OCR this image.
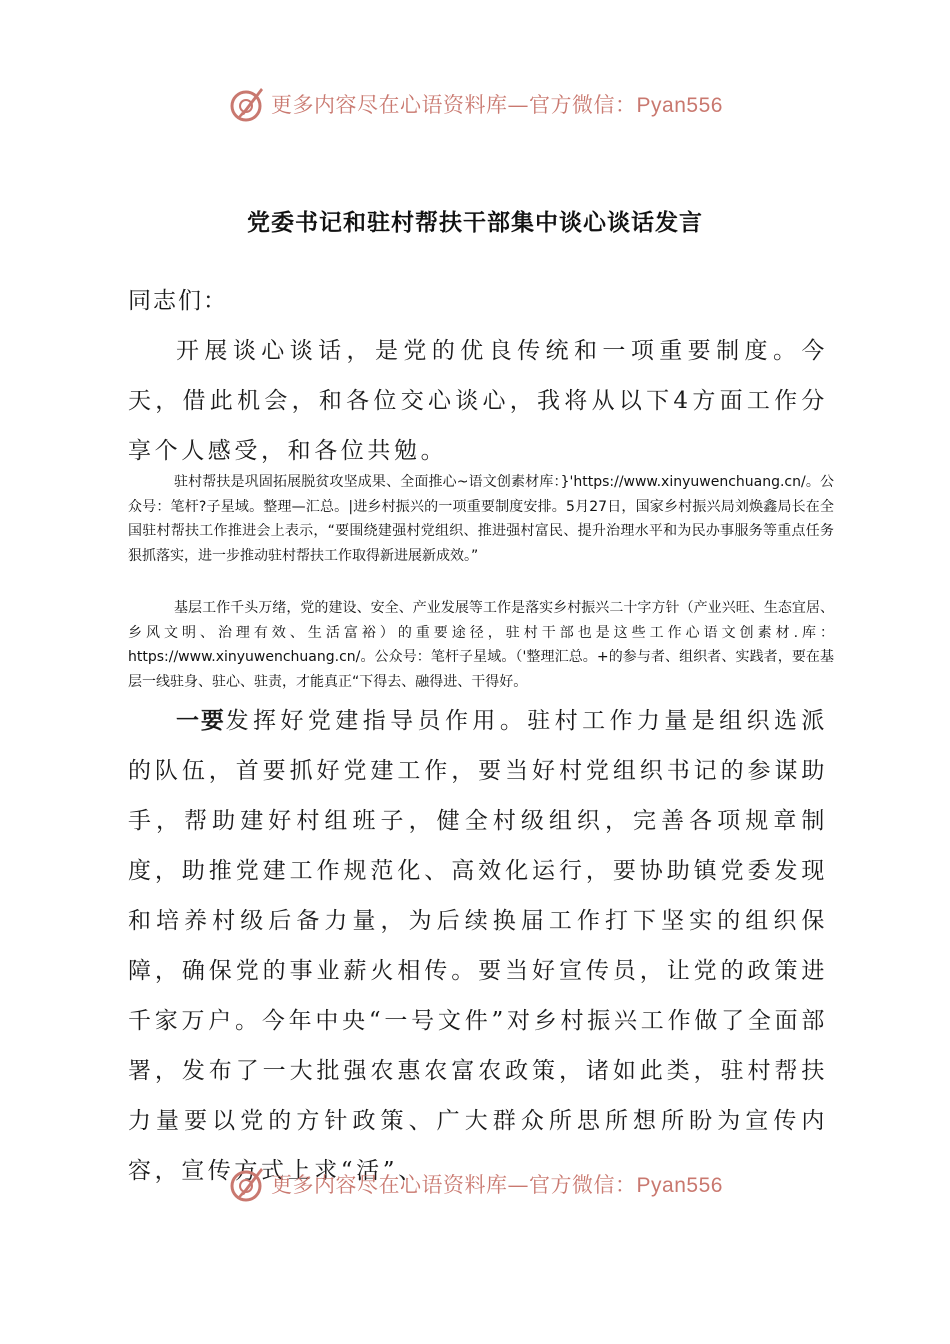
更多内容尽在心语资料库—官方微信：Pyan556
党委书记和驻村帮扶干部集中谈心谈话发言
同志们：

开展谈心谈话，是党的优良传统和一项重要制度。今天，借此机会，和各位交心谈心，我将从以下4方面工作分享个人感受，和各位共勉。

驻村帮扶是巩固拓展脱贫攻坚成果、全面推心~语文创素材库：}'https://www.xinyuwenchuang.cn/。公众号：笔杆?子星域。整理—汇总。|进乡村振兴的一项重要制度安排。5月27日，国家乡村振兴局刘焕鑫局长在全国驻村帮扶工作推进会上表示，“要围绕建强村党组织、推进强村富民、提升治理水平和为民办事服务等重点任务狠抓落实，进一步推动驻村帮扶工作取得新进展新成效。”

基层工作千头万绪，党的建设、安全、产业发展等工作是落实乡村振兴二十字方针（产业兴旺、生态宜居、乡风文明、治理有效、生活富裕）的重要途径，驻村干部也是这些工作心语文创素材.库：https://www.xinyuwenchuang.cn/。公众号：笔杆子星域。（'整理汇总。+的参与者、组织者、实践者，要在基层一线驻身、驻心、驻责，才能真正“下得去、融得进、干得好。

一要发挥好党建指导员作用。驻村工作力量是组织选派的队伍，首要抓好党建工作，要当好村党组织书记的参谋助手，帮助建好村组班子，健全村级组织，完善各项规章制度，助推党建工作规范化、高效化运行，要协助镇党委发现和培养村级后备力量，为后续换届工作打下坚实的组织保障，确保党的事业薪火相传。要当好宣传员，让党的政策进千家万户。今年中央“一号文件”对乡村振兴工作做了全面部署，发布了一大批强农惠农富农政策，诸如此类，驻村帮扶力量要以党的方针政策、广大群众所思所想所盼为宣传内容，宣传方式上求“活”、

更多内容尽在心语资料库—官方微信：Pyan556
